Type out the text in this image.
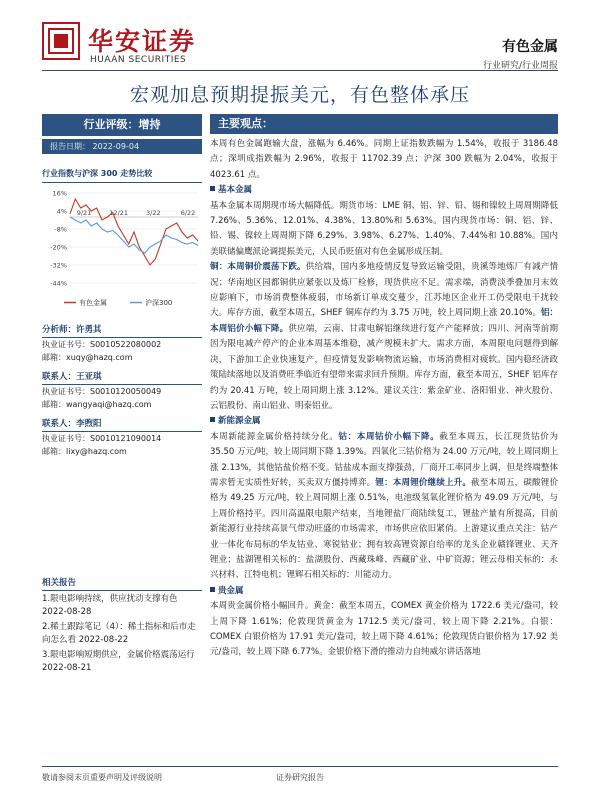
华安证券
HUAAN SECURITIES
有色金属
行业研究/行业周报
宏观加息预期提振美元，有色整体承压
行业评级：增持
报告日期： 2022-09-04
行业指数与沪深 300 走势比较
16%
4%
-8%
-20%
-32%
-44%
9/21	12/21	3/22	6/22
有色金属	沪深300
分析师：许勇其
执业证书号：S0010522080002
邮箱：xuqy@hazq.com
联系人：王亚琪
执业证书号：S0010120050049
邮箱：wangyaqi@hazq.com
联系人：李煦阳
执业证书号：S0010121090014
邮箱：lixy@hazq.com
相关报告
1.限电影响持续，供应扰动支撑有色 2022-08-28
2.稀土跟踪笔记（4）：稀土指标和后市走向怎么看 2022-08-22
3.限电影响短期供应，金属价格震荡运行 2022-08-21
主要观点：
本周有色金属跑输大盘，涨幅为 6.46%。同期上证指数跌幅为 1.54%，收报于 3186.48 点；深圳成指跌幅为 2.96%，收报于 11702.39 点；沪深 300 跌幅为 2.04%，收报于 4023.61 点。
基本金属
基本金属本周期现市场大幅降低。期货市场：LME 铜、铝、锌、铅、锡和镍较上周周期降低 7.26%、5.36%、12.01%、4.38%、13.80%和 5.63%。国内现货市场：铜、铝、锌、铅、锡、镍较上周周期下降 6.29%、3.98%、6.27%、1.40%、7.44%和 10.88%。国内美联储偏鹰派论调提振美元，人民币贬值对有色金属形成压制。
铜：本周铜价震荡下跌。供给端，国内多地疫情反复导致运输受阻，贵溪等地炼厂有减产情况；华南地区园都铜供应紧张以及炼厂检修，现货供应不足。需求端，消费淡季叠加月末效应影响下，市场消费整体疲弱，市场新订单成交蔓少，江苏地区企业开工仍受限电干扰较大。库存方面，截至本周五，SHEF 铜库存约为 3.75 万吨，较上周同期上涨 20.10%。铝：本周铝价小幅下降。供应端，云南、甘肃电解铝继续进行复产产能释放；四川、河南等前期因为限电减产停产的企业本周基本维稳，减产规模未扩大。需求方面，本周限电问题得到解决，下游加工企业快速复产，但疫情复发影响物流运输，市场消费相对疲软。国内稳经济政策陆续落地以及消费旺季临近有望带来需求回升预期。库存方面，截至本周五，SHEF 铝库存约为 20.41 万吨，较上周同期上涨 3.12%。建议关注：紫金矿业、洛阳钼业、神火股份、云铝股份、南山铝业、明泰铝业。
新能源金属
本周新能源金属价格持续分化。钴：本周钴价小幅下降。截至本周五，长江现货钴价为 35.50 万元/吨，较上周同期下降 1.39%。四氧化三钴价格为 24.00 万元/吨，较上周同期上涨 2.13%，其他钴盐价格不变。钴盐成本面支撑强劲，厂商开工率同步上调，但是终端整体需求暂无实质性好转，买卖双方僵持博弈。锂：本周锂价继续上升。截至本周五，碳酸锂价格为 49.25 万元/吨，较上周同期上涨 0.51%，电池级氢氧化锂价格为 49.09 万元/吨，与上周价格持平。四川高温限电限产结束，当地锂盐厂商陆续复工，锂盐产量有所提高，目前新能源行业持续高景气带动旺盛的市场需求，市场供应依旧紧俏。上游建议重点关注：钴产业一体化布局标的华友钴业、寒锐钴业；拥有较高锂资源自给率的龙头企业赣锋锂业、天齐锂业；盐湖锂相关标的：盐湖股份、西藏珠峰、西藏矿业、中矿资源；锂云母相关标的：永兴材料、江特电机；锂辉石相关标的：川能动力。
贵金属
本周贵金属价格小幅回升。黄金：截至本周五，COMEX 黄金价格为 1722.6 美元/盎司，较上周下降 1.61%；伦敦现货黄金为 1712.5 美元/盎司，较上周下降 2.21%。白银：COMEX 白银价格为 17.91 美元/盎司，较上周下降 4.61%；伦敦现货白银价格为 17.92 美元/盎司，较上周下降 6.77%。金银价格下滑的推动力自纯威尔讲话落地
敬请参阅末页重要声明及评级说明	证券研究报告
